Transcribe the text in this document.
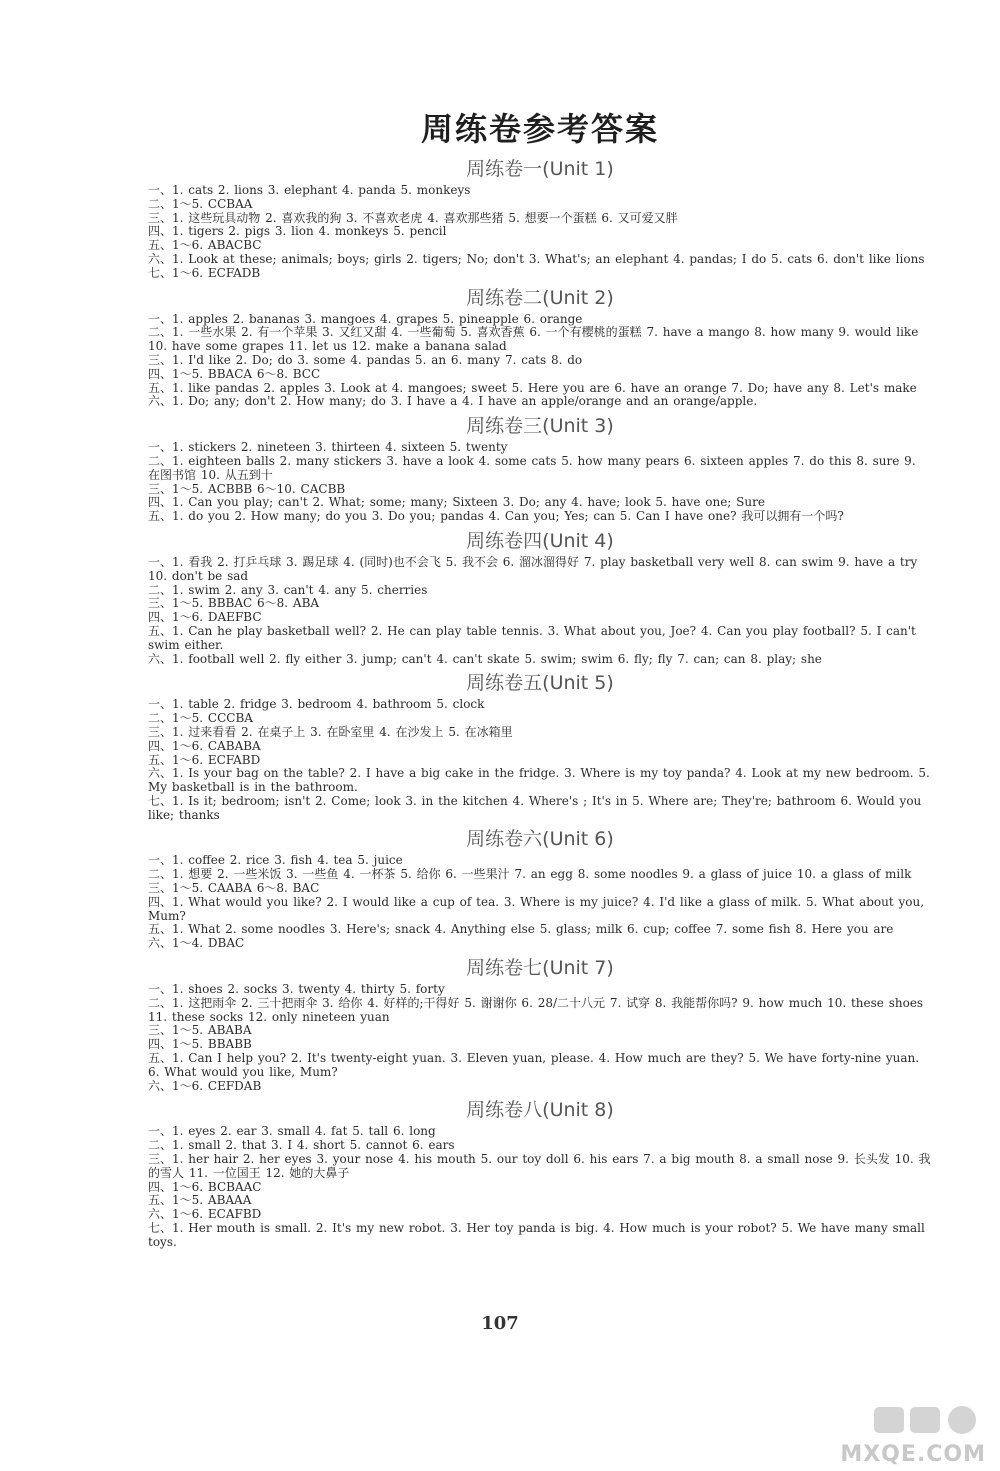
周练卷参考答案
周练卷一(Unit 1)
一、1. cats 2. lions 3. elephant 4. panda 5. monkeys
二、1～5. CCBAA
三、1. 这些玩具动物 2. 喜欢我的狗 3. 不喜欢老虎 4. 喜欢那些猪 5. 想要一个蛋糕 6. 又可爱又胖
四、1. tigers 2. pigs 3. lion 4. monkeys 5. pencil
五、1～6. ABACBC
六、1. Look at these; animals; boys; girls 2. tigers; No; don't 3. What's; an elephant 4. pandas; I do 5. cats 6. don't like lions
七、1～6. ECFADB
周练卷二(Unit 2)
一、1. apples 2. bananas 3. mangoes 4. grapes 5. pineapple 6. orange
二、1. 一些水果 2. 有一个苹果 3. 又红又甜 4. 一些葡萄 5. 喜欢香蕉 6. 一个有樱桃的蛋糕 7. have a mango 8. how many 9. would like 10. have some grapes 11. let us 12. make a banana salad
三、1. I'd like 2. Do; do 3. some 4. pandas 5. an 6. many 7. cats 8. do
四、1～5. BBACA 6～8. BCC
五、1. like pandas 2. apples 3. Look at 4. mangoes; sweet 5. Here you are 6. have an orange 7. Do; have any 8. Let's make
六、1. Do; any; don't 2. How many; do 3. I have a 4. I have an apple/orange and an orange/apple.
周练卷三(Unit 3)
一、1. stickers 2. nineteen 3. thirteen 4. sixteen 5. twenty
二、1. eighteen balls 2. many stickers 3. have a look 4. some cats 5. how many pears 6. sixteen apples 7. do this 8. sure 9. 在图书馆 10. 从五到十
三、1～5. ACBBB 6～10. CACBB
四、1. Can you play; can't 2. What; some; many; Sixteen 3. Do; any 4. have; look 5. have one; Sure
五、1. do you 2. How many; do you 3. Do you; pandas 4. Can you; Yes; can 5. Can I have one? 我可以拥有一个吗?
周练卷四(Unit 4)
一、1. 看我 2. 打乒乓球 3. 踢足球 4. (同时)也不会飞 5. 我不会 6. 溜冰溜得好 7. play basketball very well 8. can swim 9. have a try 10. don't be sad
二、1. swim 2. any 3. can't 4. any 5. cherries
三、1～5. BBBAC 6～8. ABA
四、1～6. DAEFBC
五、1. Can he play basketball well? 2. He can play table tennis. 3. What about you, Joe? 4. Can you play football? 5. I can't swim either.
六、1. football well 2. fly either 3. jump; can't 4. can't skate 5. swim; swim 6. fly; fly 7. can; can 8. play; she
周练卷五(Unit 5)
一、1. table 2. fridge 3. bedroom 4. bathroom 5. clock
二、1～5. CCCBA
三、1. 过来看看 2. 在桌子上 3. 在卧室里 4. 在沙发上 5. 在冰箱里
四、1～6. CABABA
五、1～6. ECFABD
六、1. Is your bag on the table? 2. I have a big cake in the fridge. 3. Where is my toy panda? 4. Look at my new bedroom. 5. My basketball is in the bathroom.
七、1. Is it; bedroom; isn't 2. Come; look 3. in the kitchen 4. Where's ; It's in 5. Where are; They're; bathroom 6. Would you like; thanks
周练卷六(Unit 6)
一、1. coffee 2. rice 3. fish 4. tea 5. juice
二、1. 想要 2. 一些米饭 3. 一些鱼 4. 一杯茶 5. 给你 6. 一些果汁 7. an egg 8. some noodles 9. a glass of juice 10. a glass of milk
三、1～5. CAABA 6～8. BAC
四、1. What would you like? 2. I would like a cup of tea. 3. Where is my juice? 4. I'd like a glass of milk. 5. What about you, Mum?
五、1. What 2. some noodles 3. Here's; snack 4. Anything else 5. glass; milk 6. cup; coffee 7. some fish 8. Here you are
六、1～4. DBAC
周练卷七(Unit 7)
一、1. shoes 2. socks 3. twenty 4. thirty 5. forty
二、1. 这把雨伞 2. 三十把雨伞 3. 给你 4. 好样的;干得好 5. 谢谢你 6. 28/二十八元 7. 试穿 8. 我能帮你吗? 9. how much 10. these shoes 11. these socks 12. only nineteen yuan
三、1～5. ABABA
四、1～5. BBABB
五、1. Can I help you? 2. It's twenty-eight yuan. 3. Eleven yuan, please. 4. How much are they? 5. We have forty-nine yuan. 6. What would you like, Mum?
六、1～6. CEFDAB
周练卷八(Unit 8)
一、1. eyes 2. ear 3. small 4. fat 5. tall 6. long
二、1. small 2. that 3. I 4. short 5. cannot 6. ears
三、1. her hair 2. her eyes 3. your nose 4. his mouth 5. our toy doll 6. his ears 7. a big mouth 8. a small nose 9. 长头发 10. 我的雪人 11. 一位国王 12. 她的大鼻子
四、1～6. BCBAAC
五、1～5. ABAAA
六、1～6. ECAFBD
七、1. Her mouth is small. 2. It's my new robot. 3. Her toy panda is big. 4. How much is your robot? 5. We have many small toys.
107
MXQE.COM
